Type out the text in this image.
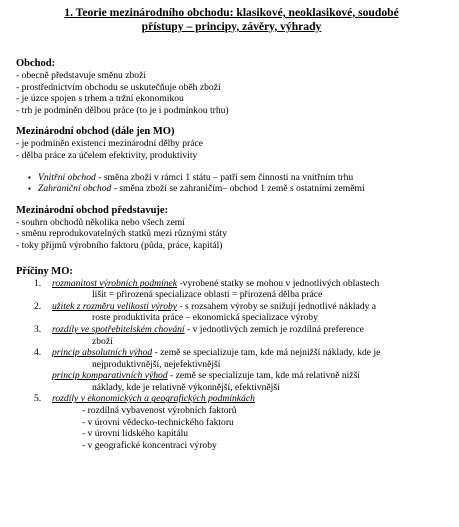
1. Teorie mezinárodního obchodu: klasikové, neoklasikové, soudobé
přístupy – principy, závěry, výhrady

Obchod:

- obecně představuje směnu zboží

- prostřednictvím obchodu se uskutečňuje oběh zboží

- je úzce spojen s trhem a tržní ekonomikou

- trh je podmíněn dělbou práce (to je i podmínkou trhu)

Mezinárodní obchod (dále jen MO)

- je podmíněn existencí mezinárodní dělby práce

- dělba práce za účelem efektivity, produktivity

▪ Vnitřní obchod - směna zboží v rámci 1 státu – patří sem činnosti na vnitřním trhu

▪ Zahraniční obchod - směna zboží se zahraničím– obchod 1 země s ostatními zeměmi

Mezinárodní obchod představuje:

- souhrn obchodů několika nebo všech zemí

- směnu reprodukovatelných statků mezi různými státy

- toky příjmů výrobního faktoru (půda, práce, kapitál)

Příčiny MO:

1. rozmanitost výrobních podmínek -vyrobené statky se mohou v jednotlivých oblastech
lišit = přirozená specializace oblastí = přirozená dělba práce

2. užitek z rozměru velikosti výroby - s rozsahem výroby se snižují jednotlivé náklady a
roste produktivita práce – ekonomická specializace výroby

3. rozdíly ve spotřebitelském chování - v jednotlivých zemích je rozdílná preference
zboží

4. princip absolutních výhod - země se specializuje tam, kde má nejnižší náklady, kde je
nejproduktivnější, nejefektivnější

princip komparativních výhod - země se specializuje tam, kde má relativně nižší
náklady, kde je relativně výkonnější, efektivnější

5. rozdíly v ekonomických a geografických podmínkách

- rozdílná vybavenost výrobních faktorů

- v úrovni vědecko-technického faktoru

- v úrovni lidského kapitálu

- v geografické koncentraci výroby
